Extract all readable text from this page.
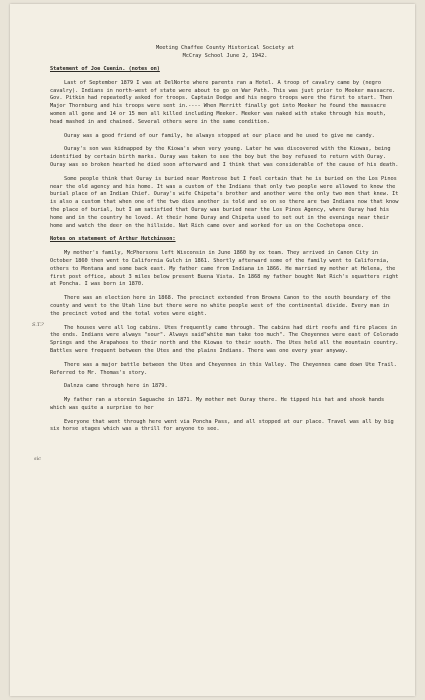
Meeting Chaffee County Historical Society at
McCray School June 2, 1942.
Statement of Joe Cuenin. (notes on)

Last of September 1879 I was at DelNorte where parents ran a Hotel. A troop of cavalry came by (negro cavalry). Indians in north-west of state were about to go on War Path. This was just prior to Meeker massacre. Gov. Pitkin had repeatedly asked for troops. Captain Dodge and his negro troops were the first to start. Then Major Thornburg and his troops were sent in.---- When Merritt finally got into Meeker he found the massacre women all gone and 14 or 15 men all killed including Meeker. Meeker was naked with stake through his mouth, head mashed in and chained. Several others were in the same condition.

Ouray was a good friend of our family, he always stopped at our place and he used to give me candy.

Ouray's son was kidnapped by the Kiowa's when very young. Later he was discovered with the Kiowas, being identified by certain birth marks. Ouray was taken to see the boy but the boy refused to return with Ouray. Ouray was so broken hearted he died soon afterward and I think that was considerable of the cause of his death.

Some people think that Ouray is buried near Montrose but I feel certain that he is buried on the Los Pinos near the old agency and his home. It was a custom of the Indians that only two people were allowed to know the burial place of an Indian Chief. Ouray's wife Chipeta's brother and another were the only two men that knew. It is also a custom that when one of the two dies another is told and so on so there are two Indians now that know the place of burial, but I am satisfied that Ouray was buried near the Los Pinos Agency, where Ouray had his home and in the country he loved. At their home Ouray and Chipeta used to set out in the evenings near their home and watch the deer on the hillside. Nat Rich came over and worked for us on the Cochetopa once.

Notes on statement of Arthur Hutchinson:

My mother's family, McPhersons left Wisconsin in June 1860 by ox team. They arrived in Canon City in October 1860 then went to California Gulch in 1861. Shortly afterward some of the family went to California, others to Montana and some back east. My father came from Indiana in 1866. He married my mother at Helena, the first post office, about 3 miles below present Buena Vista. In 1868 my father bought Nat Rich's squatters right at Poncha. I was born in 1870.

There was an election here in 1868. The precinct extended from Browns Canon to the south boundary of the county and west to the Utah line but there were no white people west of the continental divide. Every man in the precinct voted and the total votes were eight.

The houses were all log cabins. Utes frequently came through. The cabins had dirt roofs and fire places in the ends. Indians were always "sour". Always said"white man take too much". The Cheyennes were east of Colorado Springs and the Arapahoes to their north and the Kiowas to their south. The Utes held all the mountain country. Battles were frequent between the Utes and the plains Indians. There was one every year anyway.

There was a major battle between the Utes and Cheyennes in this Valley. The Cheyennes came down Ute Trail. Referred to Mr. Thomas's story.

Dalnza came through here in 1879.

My father ran a storein Saguache in 1871. My mother met Ouray there. He tipped his hat and shook hands which was quite a surprise to her

Everyone that went through here went via Poncha Pass, and all stopped at our place. Travel was all by big six horse stages which was a thrill for anyone to see.

S.T.?
sic
